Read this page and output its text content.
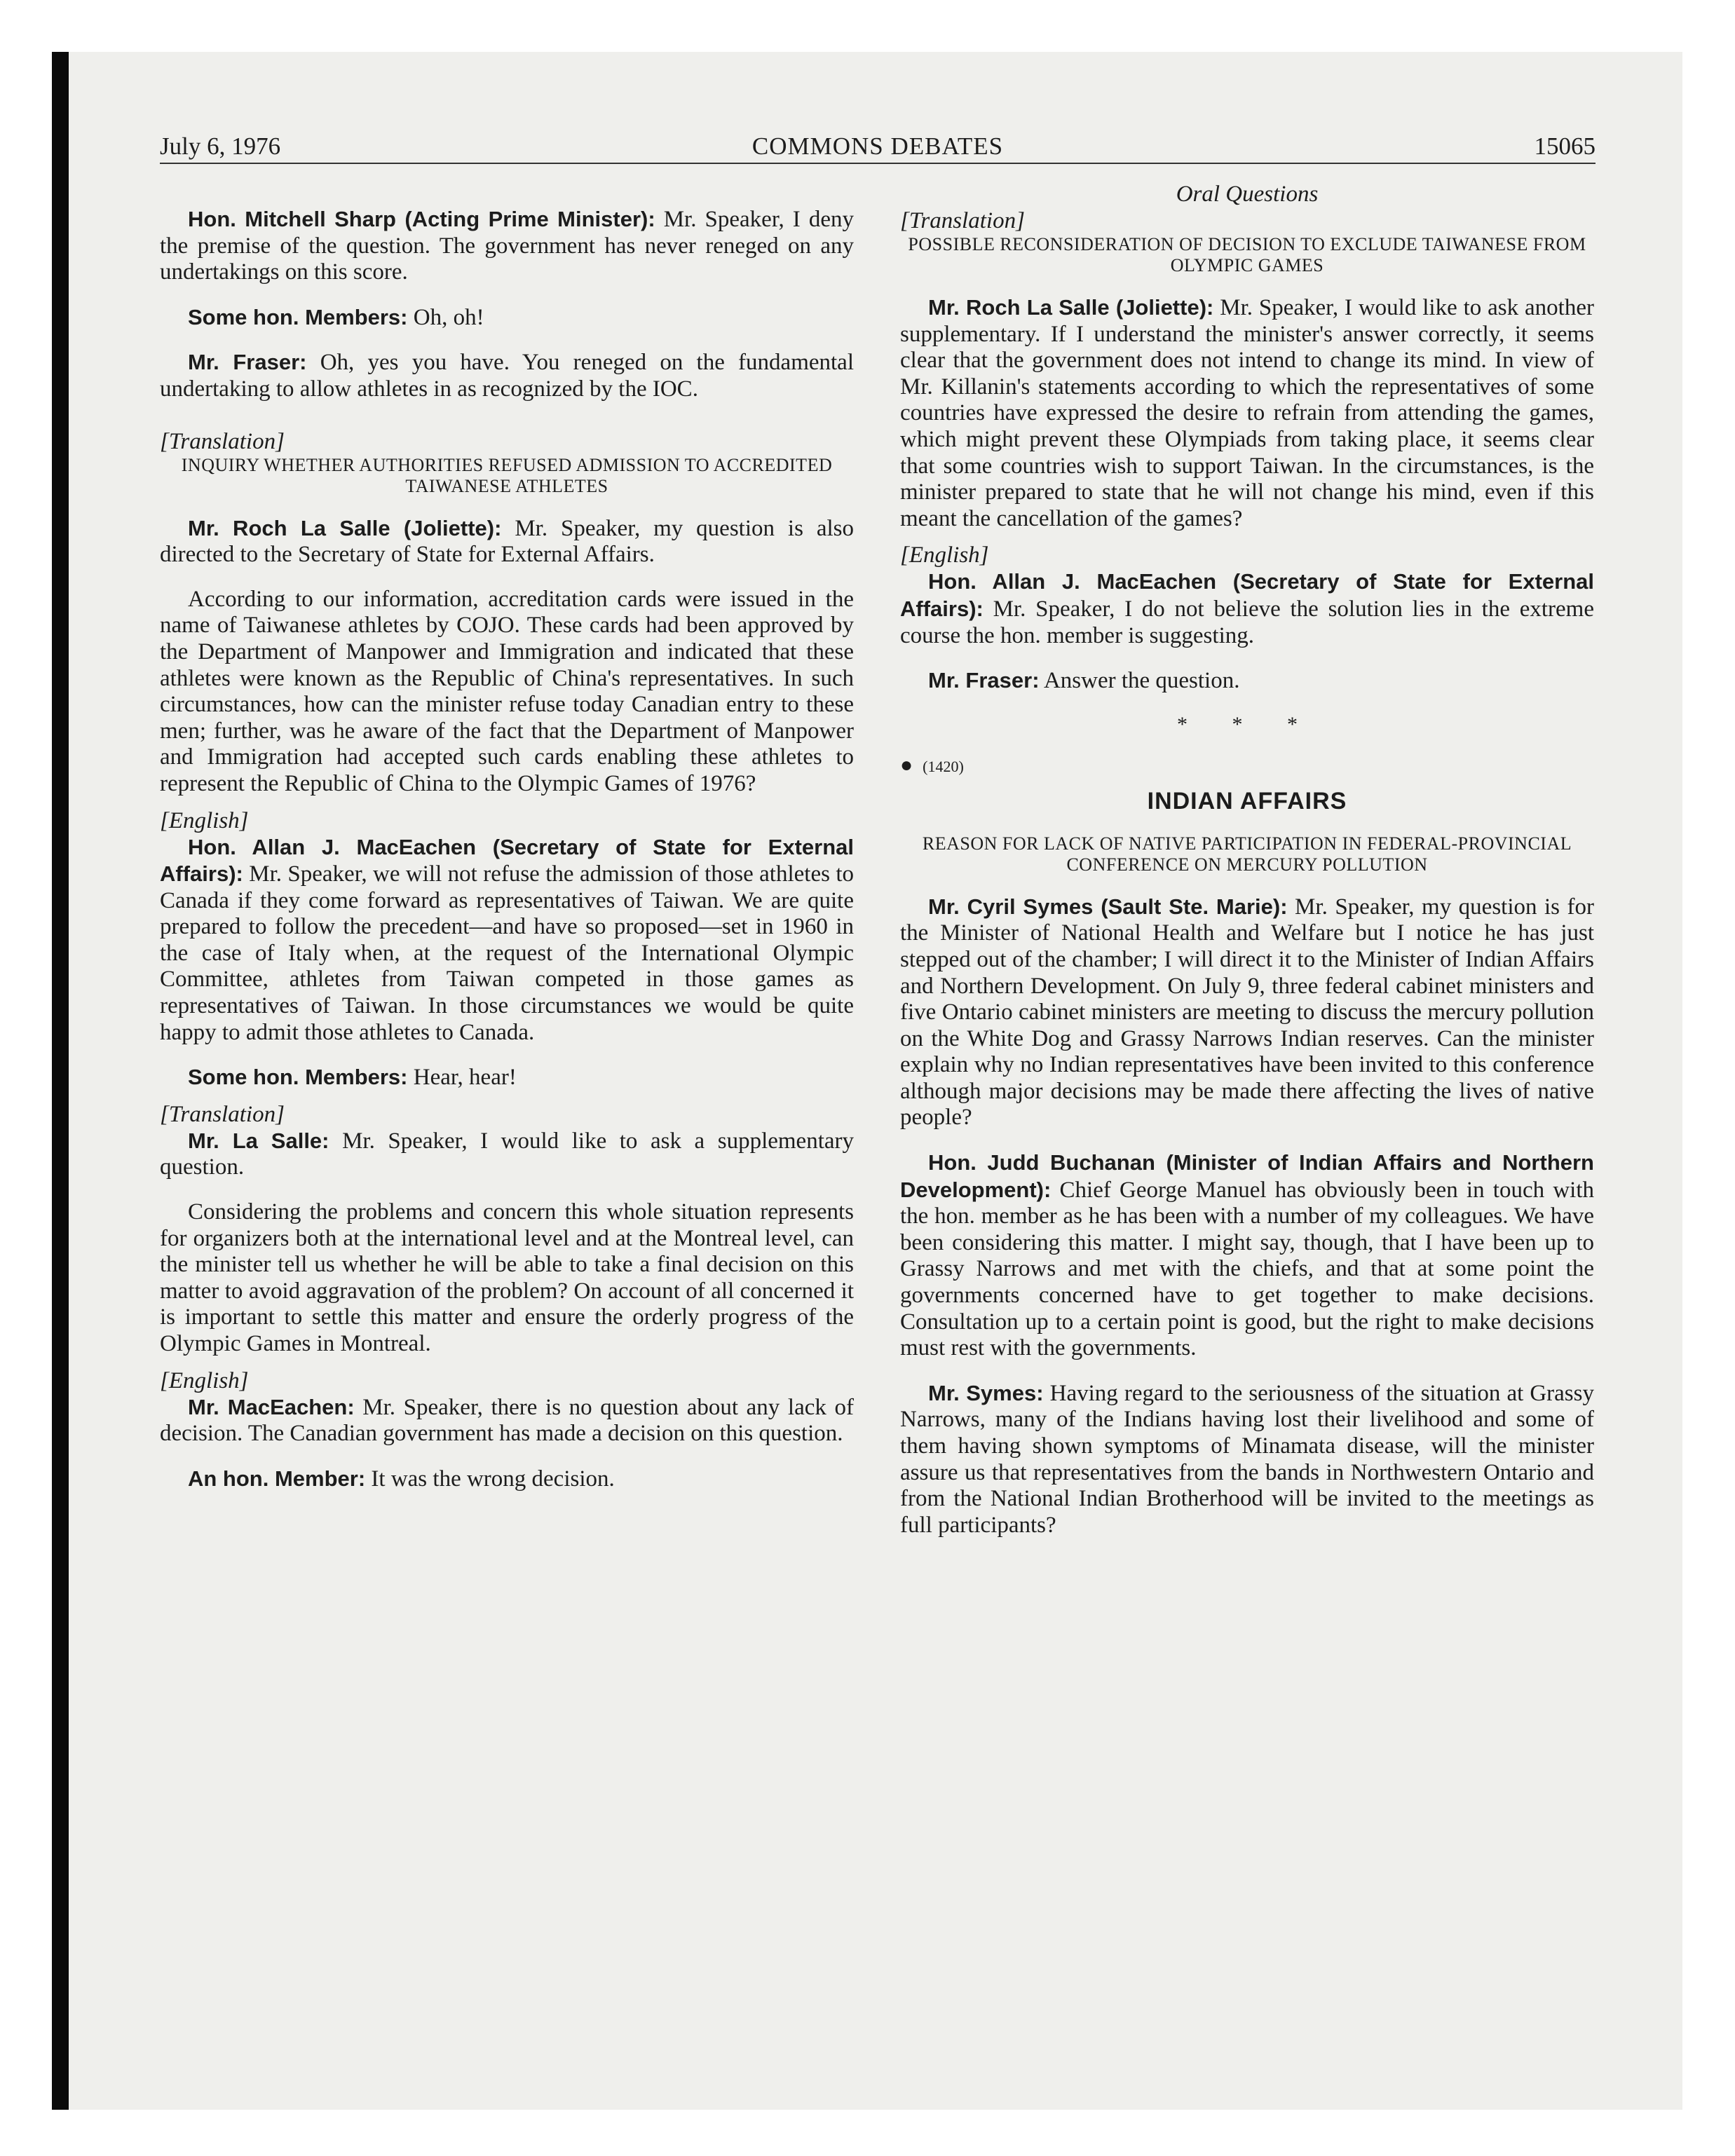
July 6, 1976	COMMONS DEBATES	15065

Hon. Mitchell Sharp (Acting Prime Minister): Mr. Speaker, I deny the premise of the question. The government has never reneged on any undertakings on this score.

Some hon. Members: Oh, oh!

Mr. Fraser: Oh, yes you have. You reneged on the fundamental undertaking to allow athletes in as recognized by the IOC.

[Translation]

INQUIRY WHETHER AUTHORITIES REFUSED ADMISSION TO ACCREDITED TAIWANESE ATHLETES

Mr. Roch La Salle (Joliette): Mr. Speaker, my question is also directed to the Secretary of State for External Affairs.

According to our information, accreditation cards were issued in the name of Taiwanese athletes by COJO. These cards had been approved by the Department of Manpower and Immigration and indicated that these athletes were known as the Republic of China's representatives. In such circumstances, how can the minister refuse today Canadian entry to these men; further, was he aware of the fact that the Department of Manpower and Immigration had accepted such cards enabling these athletes to represent the Republic of China to the Olympic Games of 1976?

[English]

Hon. Allan J. MacEachen (Secretary of State for External Affairs): Mr. Speaker, we will not refuse the admission of those athletes to Canada if they come forward as representatives of Taiwan. We are quite prepared to follow the precedent—and have so proposed—set in 1960 in the case of Italy when, at the request of the International Olympic Committee, athletes from Taiwan competed in those games as representatives of Taiwan. In those circumstances we would be quite happy to admit those athletes to Canada.

Some hon. Members: Hear, hear!

[Translation]

Mr. La Salle: Mr. Speaker, I would like to ask a supplementary question.

Considering the problems and concern this whole situation represents for organizers both at the international level and at the Montreal level, can the minister tell us whether he will be able to take a final decision on this matter to avoid aggravation of the problem? On account of all concerned it is important to settle this matter and ensure the orderly progress of the Olympic Games in Montreal.

[English]

Mr. MacEachen: Mr. Speaker, there is no question about any lack of decision. The Canadian government has made a decision on this question.

An hon. Member: It was the wrong decision.

Oral Questions

[Translation]

POSSIBLE RECONSIDERATION OF DECISION TO EXCLUDE TAIWANESE FROM OLYMPIC GAMES

Mr. Roch La Salle (Joliette): Mr. Speaker, I would like to ask another supplementary. If I understand the minister's answer correctly, it seems clear that the government does not intend to change its mind. In view of Mr. Killanin's statements according to which the representatives of some countries have expressed the desire to refrain from attending the games, which might prevent these Olympiads from taking place, it seems clear that some countries wish to support Taiwan. In the circumstances, is the minister prepared to state that he will not change his mind, even if this meant the cancellation of the games?

[English]

Hon. Allan J. MacEachen (Secretary of State for External Affairs): Mr. Speaker, I do not believe the solution lies in the extreme course the hon. member is suggesting.

Mr. Fraser: Answer the question.

* * *

● (1420)

INDIAN AFFAIRS

REASON FOR LACK OF NATIVE PARTICIPATION IN FEDERAL-PROVINCIAL CONFERENCE ON MERCURY POLLUTION

Mr. Cyril Symes (Sault Ste. Marie): Mr. Speaker, my question is for the Minister of National Health and Welfare but I notice he has just stepped out of the chamber; I will direct it to the Minister of Indian Affairs and Northern Development. On July 9, three federal cabinet ministers and five Ontario cabinet ministers are meeting to discuss the mercury pollution on the White Dog and Grassy Narrows Indian reserves. Can the minister explain why no Indian representatives have been invited to this conference although major decisions may be made there affecting the lives of native people?

Hon. Judd Buchanan (Minister of Indian Affairs and Northern Development): Chief George Manuel has obviously been in touch with the hon. member as he has been with a number of my colleagues. We have been considering this matter. I might say, though, that I have been up to Grassy Narrows and met with the chiefs, and that at some point the governments concerned have to get together to make decisions. Consultation up to a certain point is good, but the right to make decisions must rest with the governments.

Mr. Symes: Having regard to the seriousness of the situation at Grassy Narrows, many of the Indians having lost their livelihood and some of them having shown symptoms of Minamata disease, will the minister assure us that representatives from the bands in Northwestern Ontario and from the National Indian Brotherhood will be invited to the meetings as full participants?
